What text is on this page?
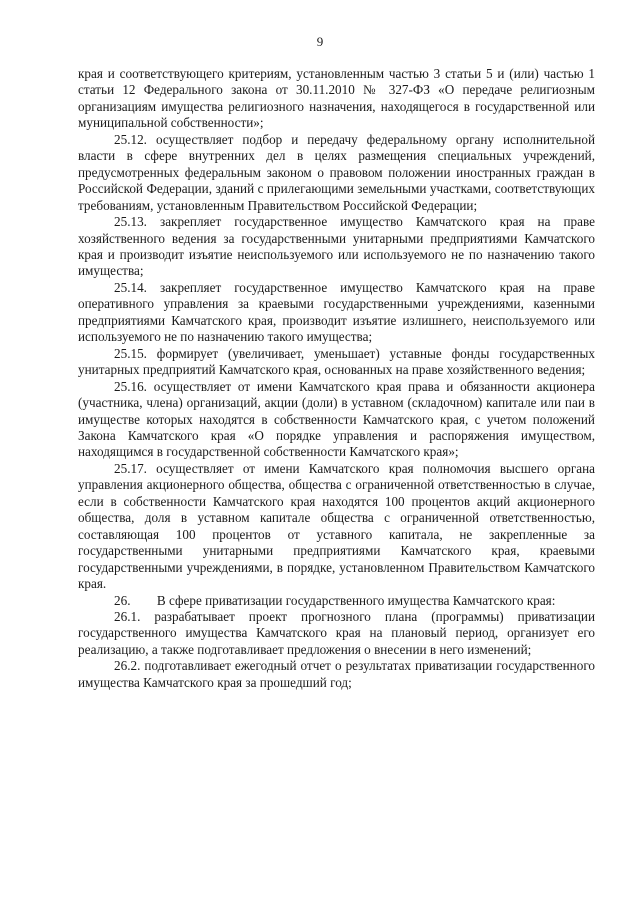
9

края и соответствующего критериям, установленным частью 3 статьи 5 и (или) частью 1 статьи 12 Федерального закона от 30.11.2010 № 327-ФЗ «О передаче религиозным организациям имущества религиозного назначения, находящегося в государственной или муниципальной собственности»;

25.12. осуществляет подбор и передачу федеральному органу исполнительной власти в сфере внутренних дел в целях размещения специальных учреждений, предусмотренных федеральным законом о правовом положении иностранных граждан в Российской Федерации, зданий с прилегающими земельными участками, соответствующих требованиям, установленным Правительством Российской Федерации;

25.13. закрепляет государственное имущество Камчатского края на праве хозяйственного ведения за государственными унитарными предприятиями Камчатского края и производит изъятие неиспользуемого или используемого не по назначению такого имущества;

25.14. закрепляет государственное имущество Камчатского края на праве оперативного управления за краевыми государственными учреждениями, казенными предприятиями Камчатского края, производит изъятие излишнего, неиспользуемого или используемого не по назначению такого имущества;

25.15. формирует (увеличивает, уменьшает) уставные фонды государственных унитарных предприятий Камчатского края, основанных на праве хозяйственного ведения;

25.16. осуществляет от имени Камчатского края права и обязанности акционера (участника, члена) организаций, акции (доли) в уставном (складочном) капитале или паи в имуществе которых находятся в собственности Камчатского края, с учетом положений Закона Камчатского края «О порядке управления и распоряжения имуществом, находящимся в государственной собственности Камчатского края»;

25.17. осуществляет от имени Камчатского края полномочия высшего органа управления акционерного общества, общества с ограниченной ответственностью в случае, если в собственности Камчатского края находятся 100 процентов акций акционерного общества, доля в уставном капитале общества с ограниченной ответственностью, составляющая 100 процентов от уставного капитала, не закрепленные за государственными унитарными предприятиями Камчатского края, краевыми государственными учреждениями, в порядке, установленном Правительством Камчатского края.

26.  В сфере приватизации государственного имущества Камчатского края:

26.1. разрабатывает проект прогнозного плана (программы) приватизации государственного имущества Камчатского края на плановый период, организует его реализацию, а также подготавливает предложения о внесении в него изменений;

26.2. подготавливает ежегодный отчет о результатах приватизации государственного имущества Камчатского края за прошедший год;
